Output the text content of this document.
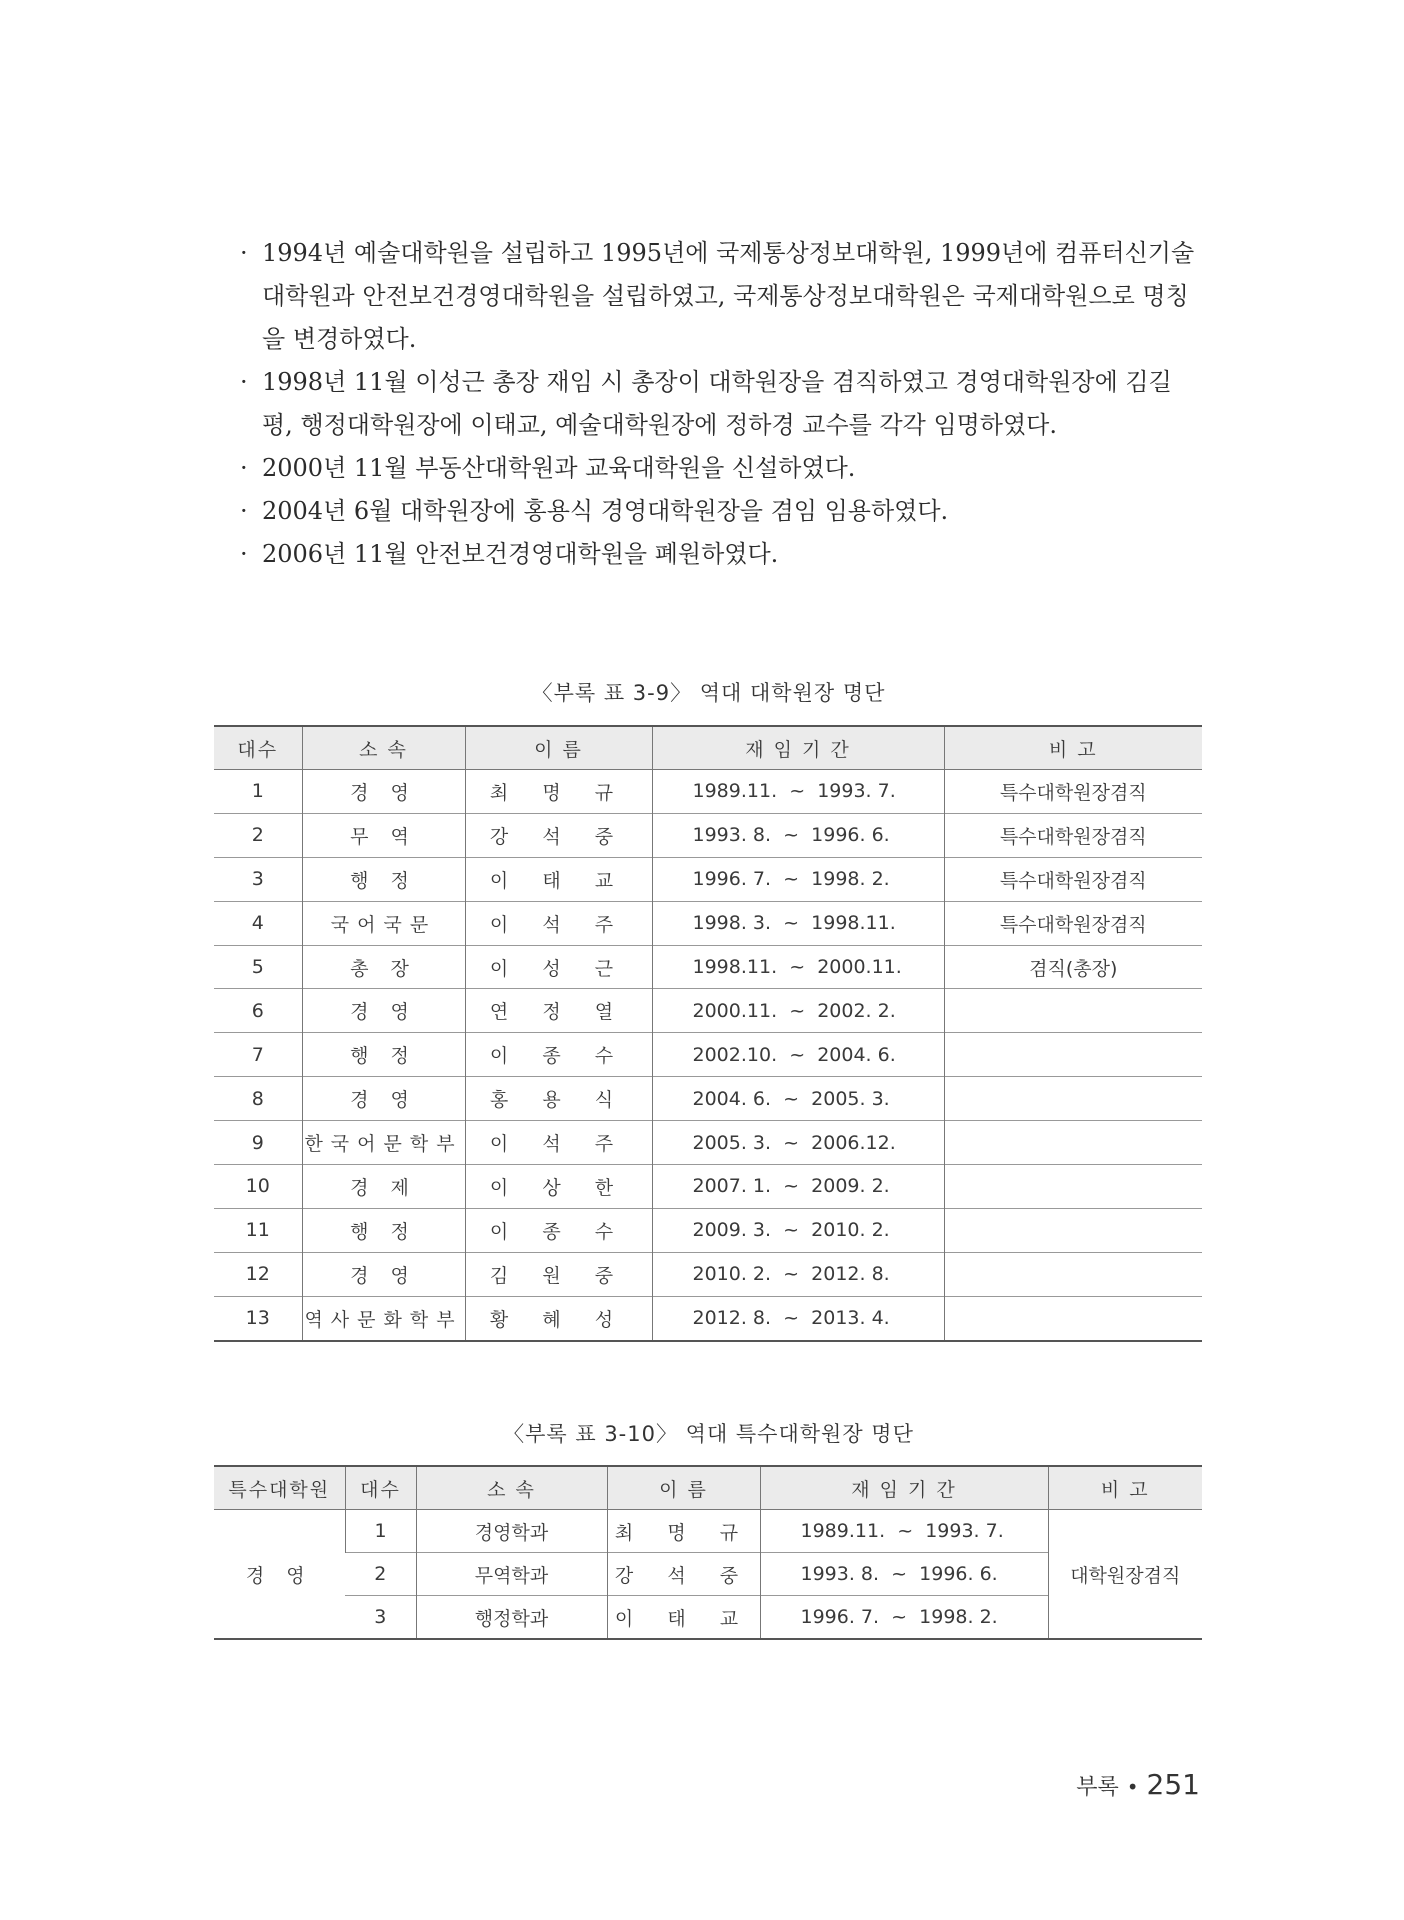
· 1994년 예술대학원을 설립하고 1995년에 국제통상정보대학원, 1999년에 컴퓨터신기술 대학원과 안전보건경영대학원을 설립하였고, 국제통상정보대학원은 국제대학원으로 명칭을 변경하였다.
· 1998년 11월 이성근 총장 재임 시 총장이 대학원장을 겸직하였고 경영대학원장에 김길평, 행정대학원장에 이태교, 예술대학원장에 정하경 교수를 각각 임명하였다.
· 2000년 11월 부동산대학원과 교육대학원을 신설하였다.
· 2004년 6월 대학원장에 홍용식 경영대학원장을 겸임 임용하였다.
· 2006년 11월 안전보건경영대학원을 폐원하였다.
〈부록 표 3-9〉 역대 대학원장 명단
대수	소 속	이 름	재 임 기 간	비 고
1	경 영	최 명 규	1989.11.  ~  1993. 7.	특수대학원장겸직
2	무 역	강 석 중	1993. 8.  ~  1996. 6.	특수대학원장겸직
3	행 정	이 태 교	1996. 7.  ~  1998. 2.	특수대학원장겸직
4	국어국문	이 석 주	1998. 3.  ~  1998.11.	특수대학원장겸직
5	총 장	이 성 근	1998.11.  ~  2000.11.	겸직(총장)
6	경 영	연 정 열	2000.11.  ~  2002. 2.	
7	행 정	이 종 수	2002.10.  ~  2004. 6.	
8	경 영	홍 용 식	2004. 6.  ~  2005. 3.	
9	한국어문학부	이 석 주	2005. 3.  ~  2006.12.	
10	경 제	이 상 한	2007. 1.  ~  2009. 2.	
11	행 정	이 종 수	2009. 3.  ~  2010. 2.	
12	경 영	김 원 중	2010. 2.  ~  2012. 8.	
13	역사문화학부	황 혜 성	2012. 8.  ~  2013. 4.	
〈부록 표 3-10〉 역대 특수대학원장 명단
특수대학원	대수	소 속	이 름	재 임 기 간	비 고
경 영	1	경영학과	최 명 규	1989.11.  ~  1993. 7.	대학원장겸직
	2	무역학과	강 석 중	1993. 8.  ~  1996. 6.	
	3	행정학과	이 태 교	1996. 7.  ~  1998. 2.	
부록 • 251
